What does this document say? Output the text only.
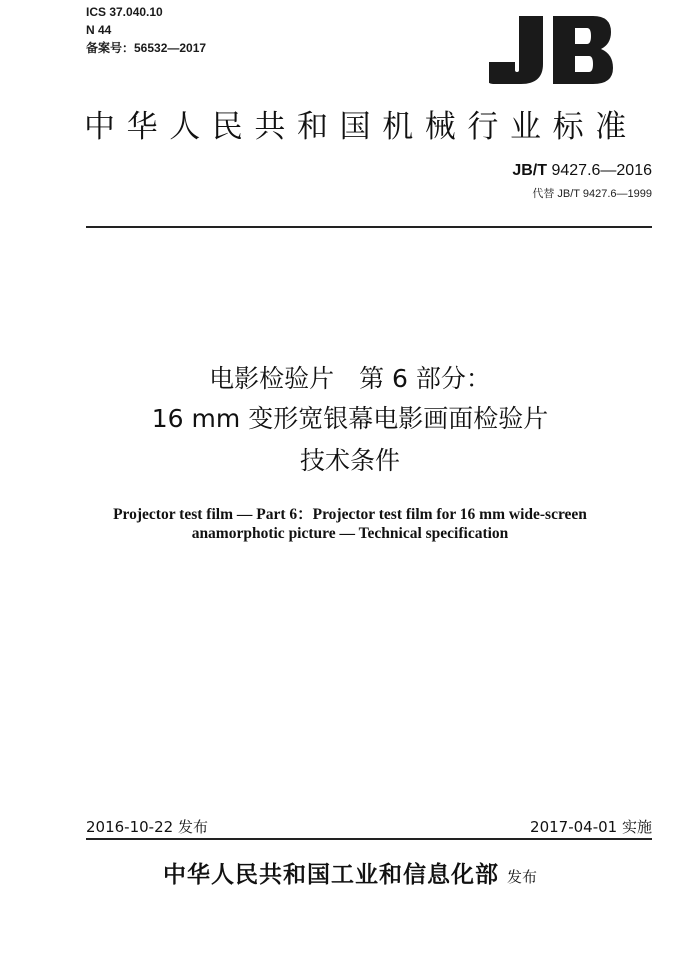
ICS 37.040.10
N 44
备案号：56532—2017
中华人民共和国机械行业标准
JB/T 9427.6—2016
代替 JB/T 9427.6—1999
电影检验片　第 6 部分：
16 mm 变形宽银幕电影画面检验片
技术条件
Projector test film — Part 6：Projector test film for 16 mm wide-screen
anamorphotic picture — Technical specification
2016-10-22 发布	2017-04-01 实施
中华人民共和国工业和信息化部 发布
